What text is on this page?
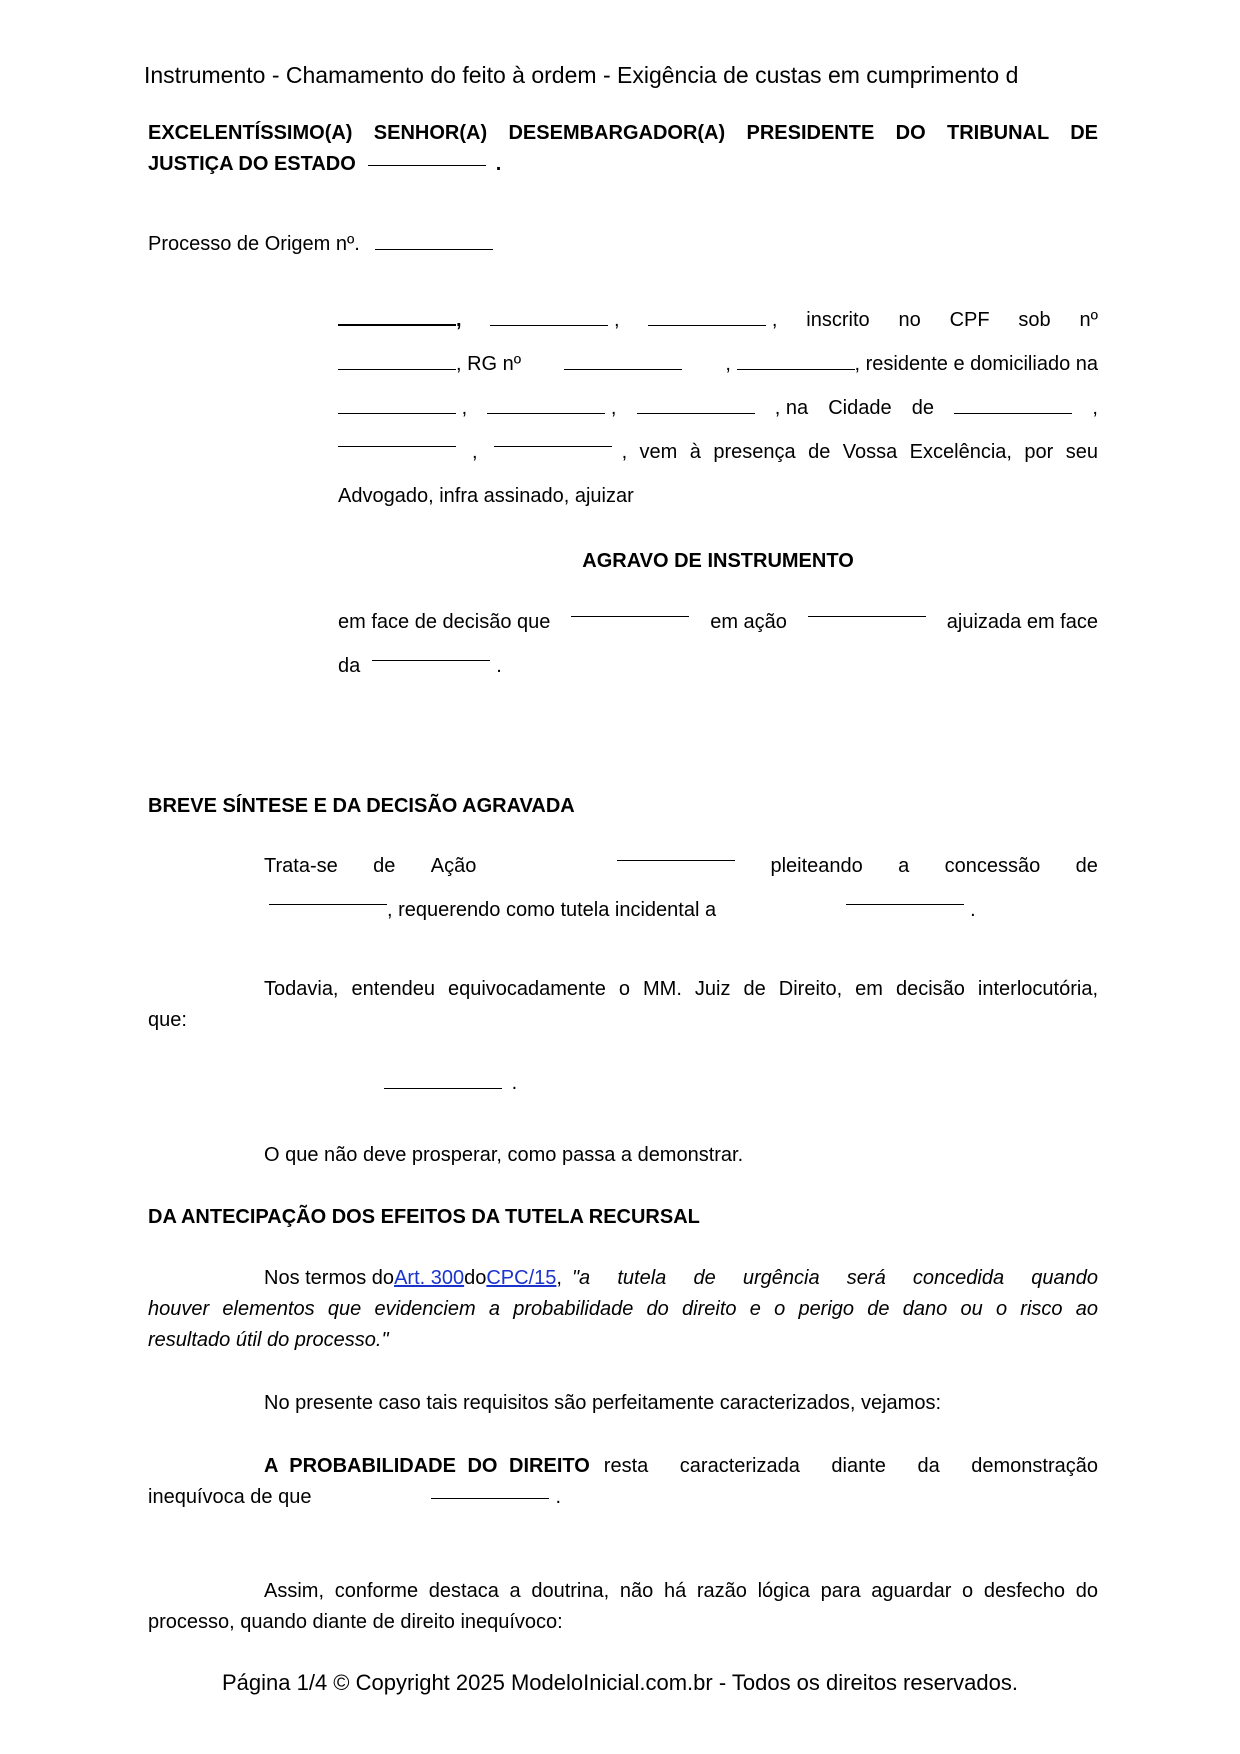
Instrumento - Chamamento do feito à ordem - Exigência de custas em cumprimento d
EXCELENTÍSSIMO(A) SENHOR(A) DESEMBARGADOR(A) PRESIDENTE DO TRIBUNAL DE
JUSTIÇA DO ESTADO	.
Processo de Origem nº.
,	,	, inscrito no CPF sob nº
, RG nº	,	, residente e domiciliado na
,	,	, na Cidade de	,
,	, vem à presença de Vossa Excelência, por seu
Advogado, infra assinado, ajuizar
AGRAVO DE INSTRUMENTO
em face de decisão que	em ação	ajuizada em face
da	.
BREVE SÍNTESE E DA DECISÃO AGRAVADA
Trata-se de Ação	pleiteando a concessão de
, requerendo como tutela incidental a	.
Todavia, entendeu equivocadamente o MM. Juiz de Direito, em decisão interlocutória,
que:
.
O que não deve prosperar, como passa a demonstrar.
DA ANTECIPAÇÃO DOS EFEITOS DA TUTELA RECURSAL
Nos termos do Art. 300 do CPC/15, "a tutela de urgência será concedida quando
houver elementos que evidenciem a probabilidade do direito e o perigo de dano ou o risco ao
resultado útil do processo."
No presente caso tais requisitos são perfeitamente caracterizados, vejamos:
A PROBABILIDADE DO DIREITO resta caracterizada diante da demonstração
inequívoca de que	.
Assim, conforme destaca a doutrina, não há razão lógica para aguardar o desfecho do
processo, quando diante de direito inequívoco:
Página 1/4 © Copyright 2025 ModeloInicial.com.br - Todos os direitos reservados.
